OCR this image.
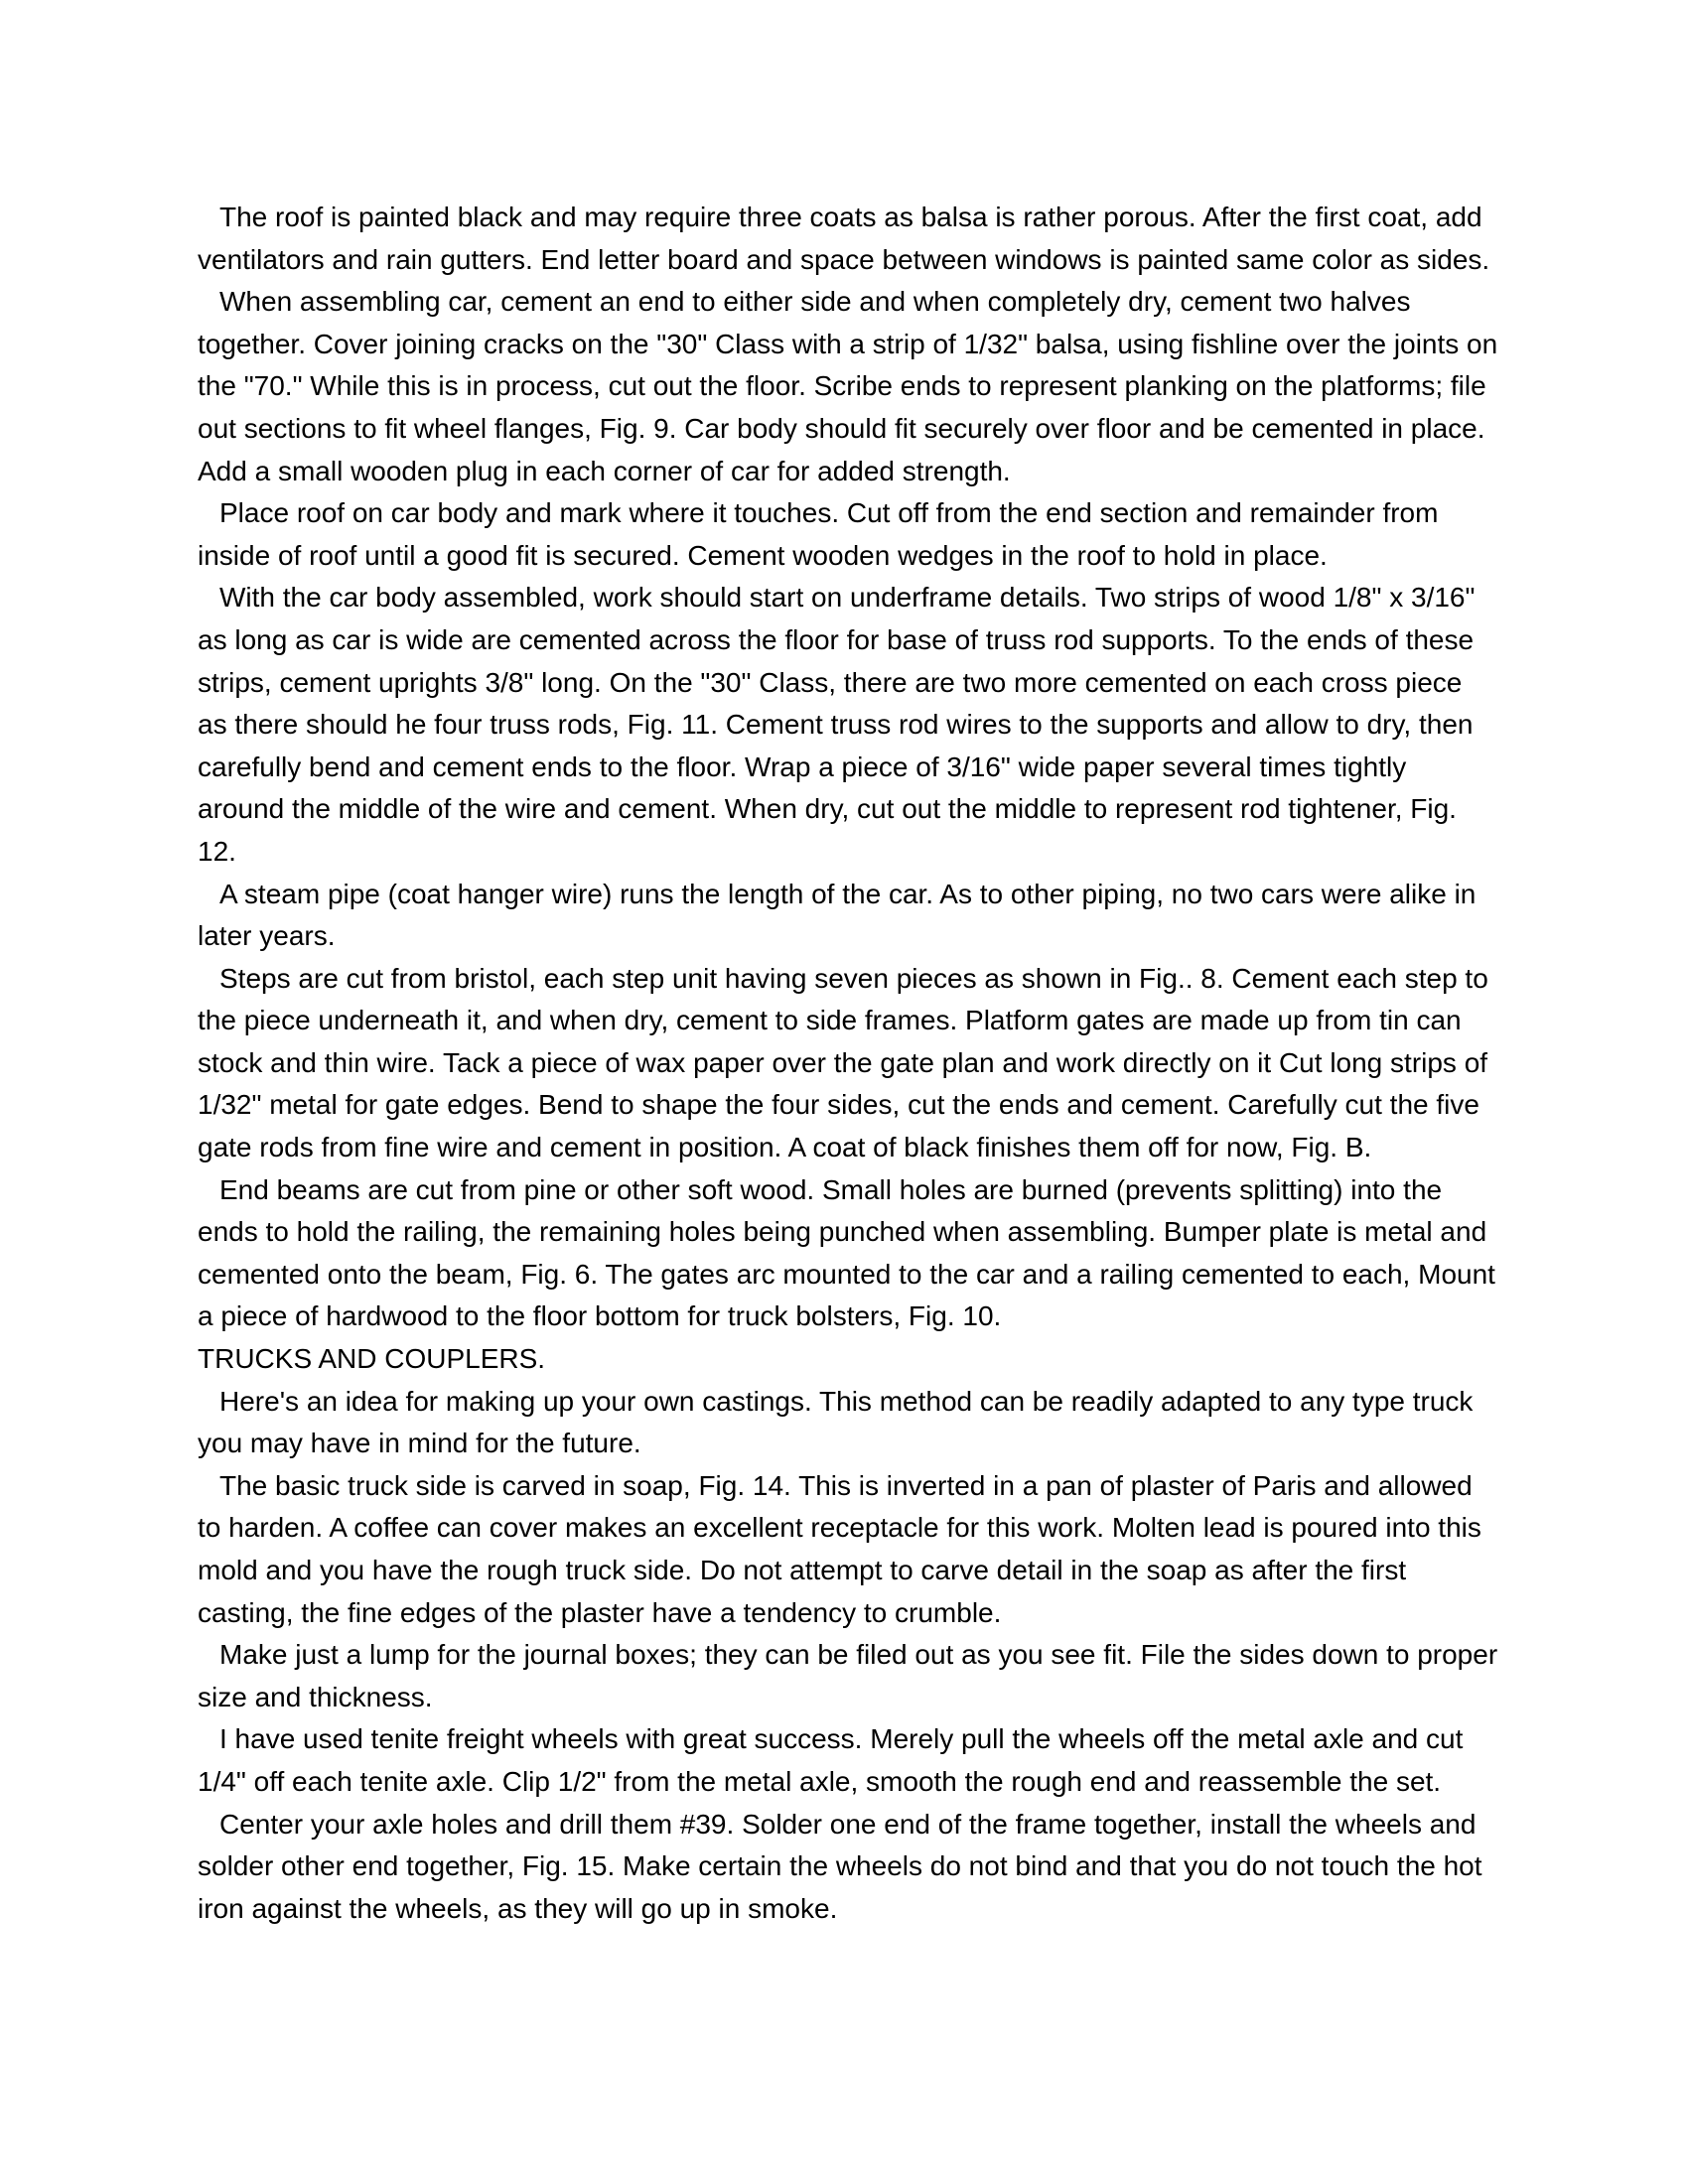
The roof is painted black and may require three coats as balsa is rather porous. After the first coat, add ventilators and rain gutters. End letter board and space between windows is painted same color as sides.

When assembling car, cement an end to either side and when completely dry, cement two halves together. Cover joining cracks on the "30" Class with a strip of 1/32" balsa, using fishline over the joints on the "70." While this is in process, cut out the floor. Scribe ends to represent planking on the platforms; file out sections to fit wheel flanges, Fig. 9. Car body should fit securely over floor and be cemented in place. Add a small wooden plug in each corner of car for added strength.

Place roof on car body and mark where it touches. Cut off from the end section and remainder from inside of roof until a good fit is secured. Cement wooden wedges in the roof to hold in place.

With the car body assembled, work should start on underframe details. Two strips of wood 1/8" x 3/16" as long as car is wide are cemented across the floor for base of truss rod supports. To the ends of these strips, cement uprights 3/8" long. On the "30" Class, there are two more cemented on each cross piece as there should he four truss rods, Fig. 11. Cement truss rod wires to the supports and allow to dry, then carefully bend and cement ends to the floor. Wrap a piece of 3/16" wide paper several times tightly around the middle of the wire and cement. When dry, cut out the middle to represent rod tightener, Fig. 12.

A steam pipe (coat hanger wire) runs the length of the car. As to other piping, no two cars were alike in later years.

Steps are cut from bristol, each step unit having seven pieces as shown in Fig.. 8. Cement each step to the piece underneath it, and when dry, cement to side frames. Platform gates are made up from tin can stock and thin wire. Tack a piece of wax paper over the gate plan and work directly on it Cut long strips of 1/32" metal for gate edges. Bend to shape the four sides, cut the ends and cement. Carefully cut the five gate rods from fine wire and cement in position. A coat of black finishes them off for now, Fig. B.

End beams are cut from pine or other soft wood. Small holes are burned (prevents splitting) into the ends to hold the railing, the remaining holes being punched when assembling. Bumper plate is metal and cemented onto the beam, Fig. 6. The gates arc mounted to the car and a railing cemented to each, Mount a piece of hardwood to the floor bottom for truck bolsters, Fig. 10.

TRUCKS AND COUPLERS.

Here's an idea for making up your own castings. This method can be readily adapted to any type truck you may have in mind for the future.

The basic truck side is carved in soap, Fig. 14. This is inverted in a pan of plaster of Paris and allowed to harden. A coffee can cover makes an excellent receptacle for this work. Molten lead is poured into this mold and you have the rough truck side. Do not attempt to carve detail in the soap as after the first casting, the fine edges of the plaster have a tendency to crumble.

Make just a lump for the journal boxes; they can be filed out as you see fit. File the sides down to proper size and thickness.

I have used tenite freight wheels with great success. Merely pull the wheels off the metal axle and cut 1/4" off each tenite axle. Clip 1/2" from the metal axle, smooth the rough end and reassemble the set.

Center your axle holes and drill them #39. Solder one end of the frame together, install the wheels and solder other end together, Fig. 15. Make certain the wheels do not bind and that you do not touch the hot iron against the wheels, as they will go up in smoke.
